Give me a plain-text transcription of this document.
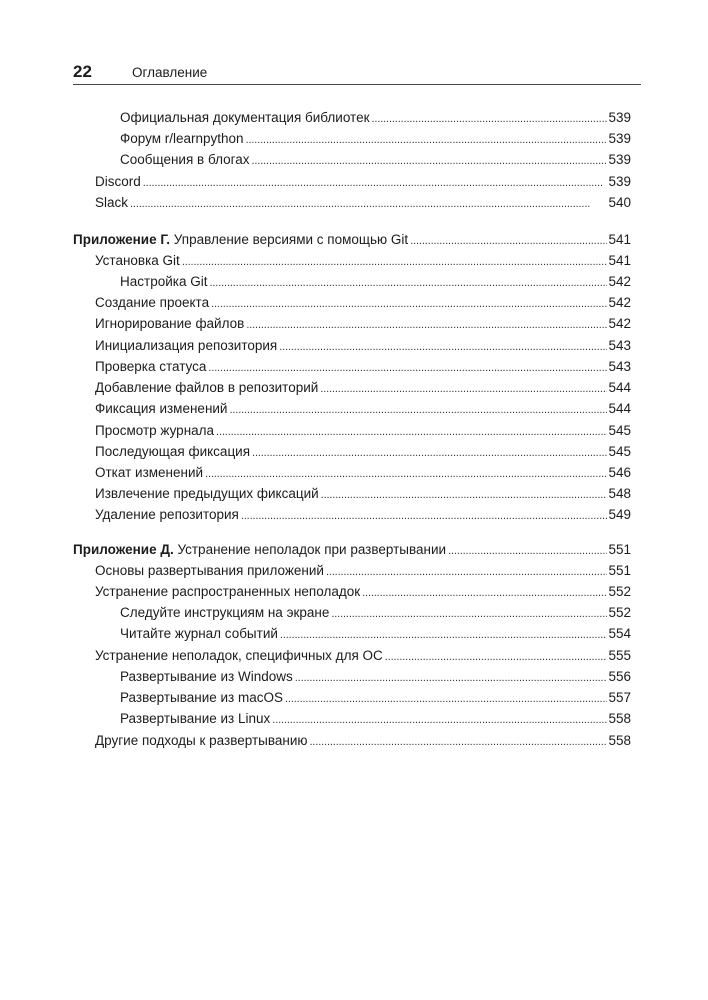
22	Оглавление
Официальная документация библиотек . . .	539
Форум r/learnpython . . .	539
Сообщения в блогах . . .	539
Discord . . .	539
Slack . . .	540
Приложение Г. Управление версиями с помощью Git . . .	541
Установка Git . . .	541
Настройка Git . . .	542
Создание проекта . . .	542
Игнорирование файлов . . .	542
Инициализация репозитория . . .	543
Проверка статуса . . .	543
Добавление файлов в репозиторий . . .	544
Фиксация изменений . . .	544
Просмотр журнала . . .	545
Последующая фиксация . . .	545
Откат изменений . . .	546
Извлечение предыдущих фиксаций . . .	548
Удаление репозитория . . .	549
Приложение Д. Устранение неполадок при развертывании . . .	551
Основы развертывания приложений . . .	551
Устранение распространенных неполадок . . .	552
Следуйте инструкциям на экране . . .	552
Читайте журнал событий . . .	554
Устранение неполадок, специфичных для ОС . . .	555
Развертывание из Windows . . .	556
Развертывание из macOS . . .	557
Развертывание из Linux . . .	558
Другие подходы к развертыванию . . .	558
